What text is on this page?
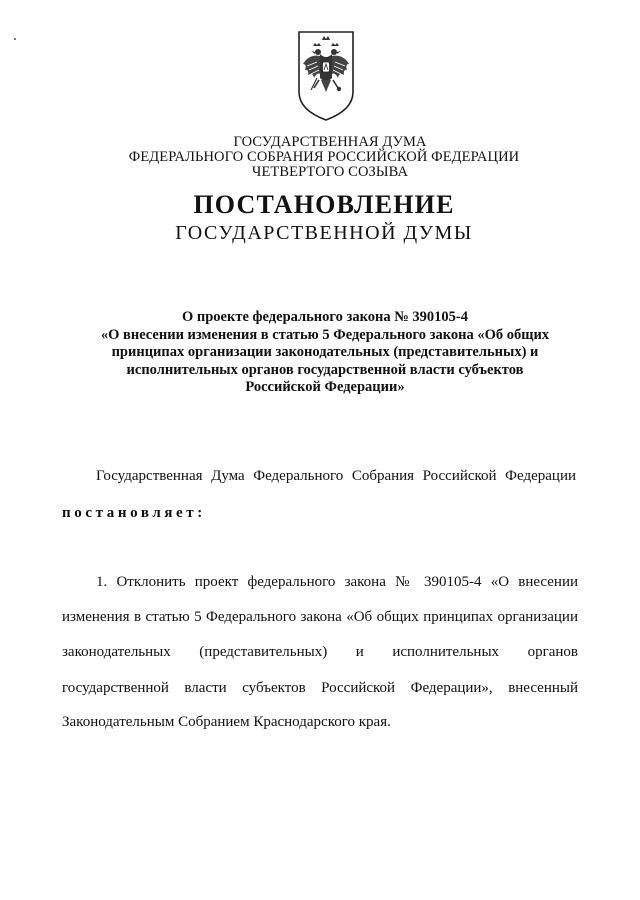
ГОСУДАРСТВЕННАЯ ДУМА
ФЕДЕРАЛЬНОГО СОБРАНИЯ РОССИЙСКОЙ ФЕДЕРАЦИИ
ЧЕТВЕРТОГО СОЗЫВА
ПОСТАНОВЛЕНИЕ
ГОСУДАРСТВЕННОЙ ДУМЫ
О проекте федерального закона № 390105-4
«О внесении изменения в статью 5 Федерального закона «Об общих
принципах организации законодательных (представительных) и
исполнительных органов государственной власти субъектов
Российской Федерации»
Государственная Дума Федерального Собрания Российской Федерации
постановляет:
1. Отклонить проект федерального закона № 390105-4 «О внесении
изменения в статью 5 Федерального закона «Об общих принципах организации
законодательных (представительных) и исполнительных органов
государственной власти субъектов Российской Федерации», внесенный
Законодательным Собранием Краснодарского края.
